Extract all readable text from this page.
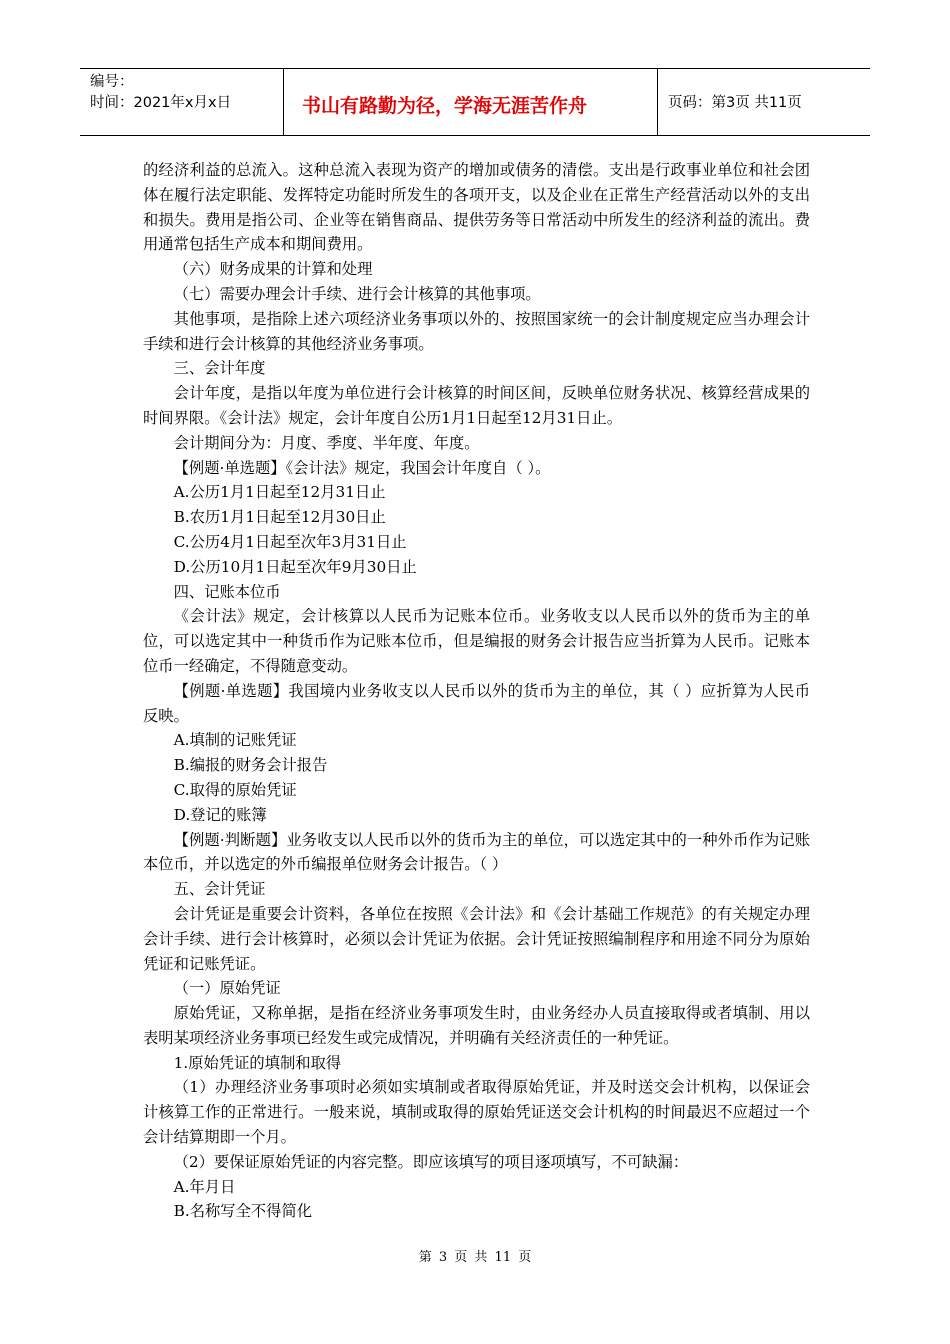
编号：
时间：2021年x月x日	书山有路勤为径，学海无涯苦作舟	页码：第3页 共11页

的经济利益的总流入。这种总流入表现为资产的增加或债务的清偿。支出是行政事业单位和社会团体在履行法定职能、发挥特定功能时所发生的各项开支，以及企业在正常生产经营活动以外的支出和损失。费用是指公司、企业等在销售商品、提供劳务等日常活动中所发生的经济利益的流出。费用通常包括生产成本和期间费用。

（六）财务成果的计算和处理

（七）需要办理会计手续、进行会计核算的其他事项。

其他事项，是指除上述六项经济业务事项以外的、按照国家统一的会计制度规定应当办理会计手续和进行会计核算的其他经济业务事项。

三、会计年度

会计年度，是指以年度为单位进行会计核算的时间区间，反映单位财务状况、核算经营成果的时间界限。《会计法》规定，会计年度自公历1月1日起至12月31日止。

会计期间分为：月度、季度、半年度、年度。

【例题·单选题】《会计法》规定，我国会计年度自（ ）。

A.公历1月1日起至12月31日止

B.农历1月1日起至12月30日止

C.公历4月1日起至次年3月31日止

D.公历10月1日起至次年9月30日止

四、记账本位币

《会计法》规定，会计核算以人民币为记账本位币。业务收支以人民币以外的货币为主的单位，可以选定其中一种货币作为记账本位币，但是编报的财务会计报告应当折算为人民币。记账本位币一经确定，不得随意变动。

【例题·单选题】我国境内业务收支以人民币以外的货币为主的单位，其（ ）应折算为人民币反映。

A.填制的记账凭证

B.编报的财务会计报告

C.取得的原始凭证

D.登记的账簿

【例题·判断题】业务收支以人民币以外的货币为主的单位，可以选定其中的一种外币作为记账本位币，并以选定的外币编报单位财务会计报告。（ ）

五、会计凭证

会计凭证是重要会计资料，各单位在按照《会计法》和《会计基础工作规范》的有关规定办理会计手续、进行会计核算时，必须以会计凭证为依据。会计凭证按照编制程序和用途不同分为原始凭证和记账凭证。

（一）原始凭证

原始凭证，又称单据，是指在经济业务事项发生时，由业务经办人员直接取得或者填制、用以表明某项经济业务事项已经发生或完成情况，并明确有关经济责任的一种凭证。

1.原始凭证的填制和取得

（1）办理经济业务事项时必须如实填制或者取得原始凭证，并及时送交会计机构，以保证会计核算工作的正常进行。一般来说，填制或取得的原始凭证送交会计机构的时间最迟不应超过一个会计结算期即一个月。

（2）要保证原始凭证的内容完整。即应该填写的项目逐项填写，不可缺漏：

A.年月日

B.名称写全不得简化

第 3 页 共 11 页
